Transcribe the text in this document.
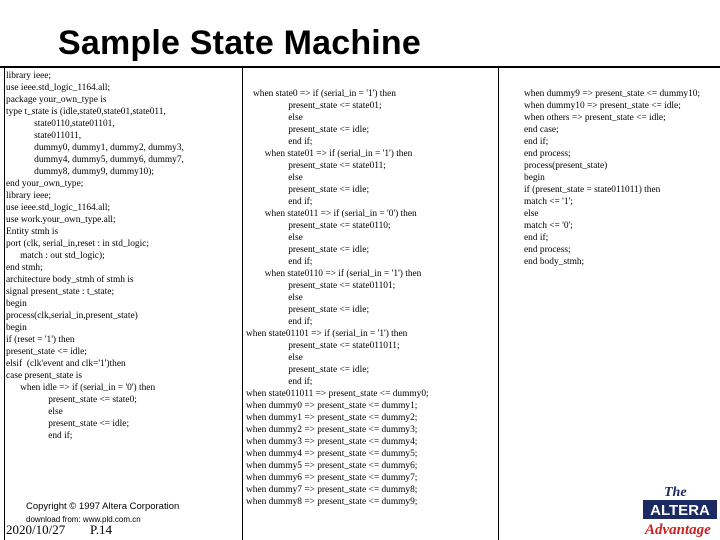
Sample State Machine
library ieee;
use ieee.std_logic_1164.all;
package your_own_type is
type t_state is (idle,state0,state01,state011,
state0110,state01101,
state011011,
dummy0, dummy1, dummy2, dummy3,
dummy4, dummy5, dummy6, dummy7,
dummy8, dummy9, dummy10);
end your_own_type;
library ieee;
use ieee.std_logic_1164.all;
use work.your_own_type.all;
Entity stmh is
port (clk, serial_in,reset : in std_logic;
match : out std_logic);
end stmh;
architecture body_stmh of stmh is
signal present_state : t_state;
begin
process(clk,serial_in,present_state)
begin
if (reset = '1') then
present_state <= idle;
elsif  (clk'event and clk='1')then
case present_state is
when idle => if (serial_in = '0') then
present_state <= state0;
else
present_state <= idle;
end if;
when state0 => if (serial_in = '1') then
present_state <= state01;
else
present_state <= idle;
end if;
when state01 => if (serial_in = '1') then
present_state <= state011;
else
present_state <= idle;
end if;
when state011 => if (serial_in = '0') then
present_state <= state0110;
else
present_state <= idle;
end if;
when state0110 => if (serial_in = '1') then
present_state <= state01101;
else
present_state <= idle;
end if;
when state01101 => if (serial_in = '1') then
present_state <= state011011;
else
present_state <= idle;
end if;
when state011011 => present_state <= dummy0;
when dummy0 => present_state <= dummy1;
when dummy1 => present_state <= dummy2;
when dummy2 => present_state <= dummy3;
when dummy3 => present_state <= dummy4;
when dummy4 => present_state <= dummy5;
when dummy5 => present_state <= dummy6;
when dummy6 => present_state <= dummy7;
when dummy7 => present_state <= dummy8;
when dummy8 => present_state <= dummy9;
when dummy9 => present_state <= dummy10;
when dummy10 => present_state <= idle;
when others => present_state <= idle;
end case;
end if;
end process;
process(present_state)
begin
if (present_state = state011011) then
match <= '1';
else
match <= '0';
end if;
end process;
end body_stmh;
Copyright © 1997 Altera Corporation
download from: www.pld.com.cn
2020/10/27 P.14
The
ALTERA
Advantage
